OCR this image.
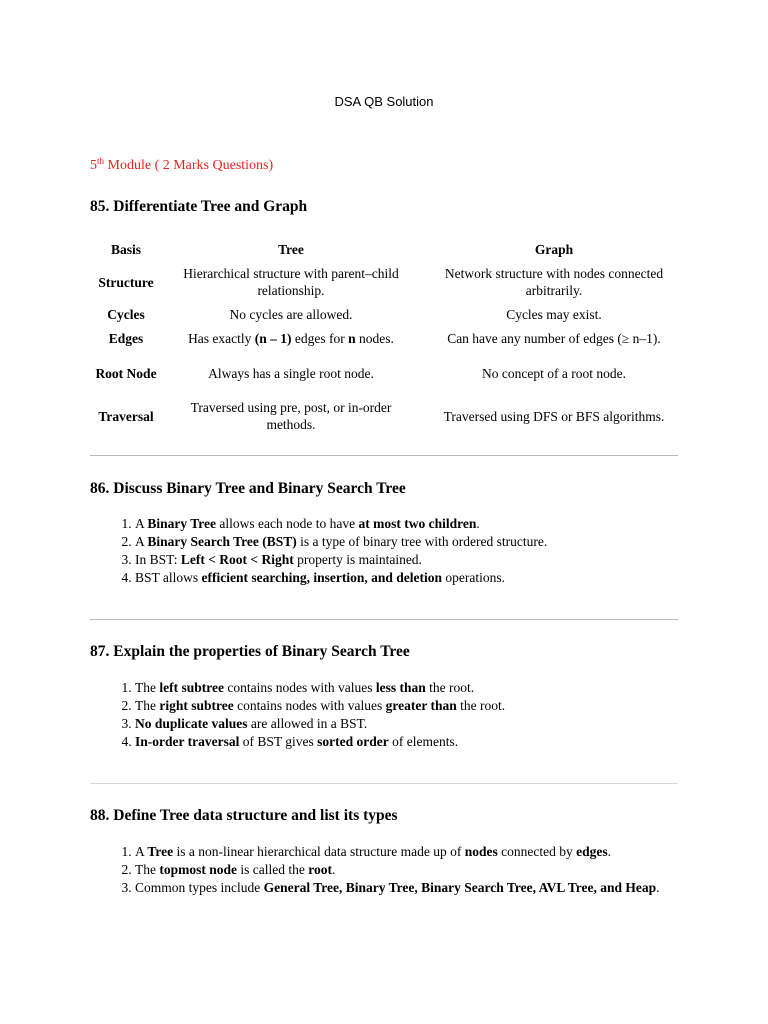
DSA QB Solution
5th Module ( 2 Marks Questions)
85. Differentiate Tree and Graph
Basis	Tree	Graph
Structure	Hierarchical structure with parent–child relationship.	Network structure with nodes connected arbitrarily.
Cycles	No cycles are allowed.	Cycles may exist.
Edges	Has exactly (n – 1) edges for n nodes.	Can have any number of edges (≥ n–1).
Root Node	Always has a single root node.	No concept of a root node.
Traversal	Traversed using pre, post, or in-order methods.	Traversed using DFS or BFS algorithms.
86. Discuss Binary Tree and Binary Search Tree
1. A Binary Tree allows each node to have at most two children.
2. A Binary Search Tree (BST) is a type of binary tree with ordered structure.
3. In BST: Left < Root < Right property is maintained.
4. BST allows efficient searching, insertion, and deletion operations.
87. Explain the properties of Binary Search Tree
1. The left subtree contains nodes with values less than the root.
2. The right subtree contains nodes with values greater than the root.
3. No duplicate values are allowed in a BST.
4. In-order traversal of BST gives sorted order of elements.
88. Define Tree data structure and list its types
1. A Tree is a non-linear hierarchical data structure made up of nodes connected by edges.
2. The topmost node is called the root.
3. Common types include General Tree, Binary Tree, Binary Search Tree, AVL Tree, and Heap.
